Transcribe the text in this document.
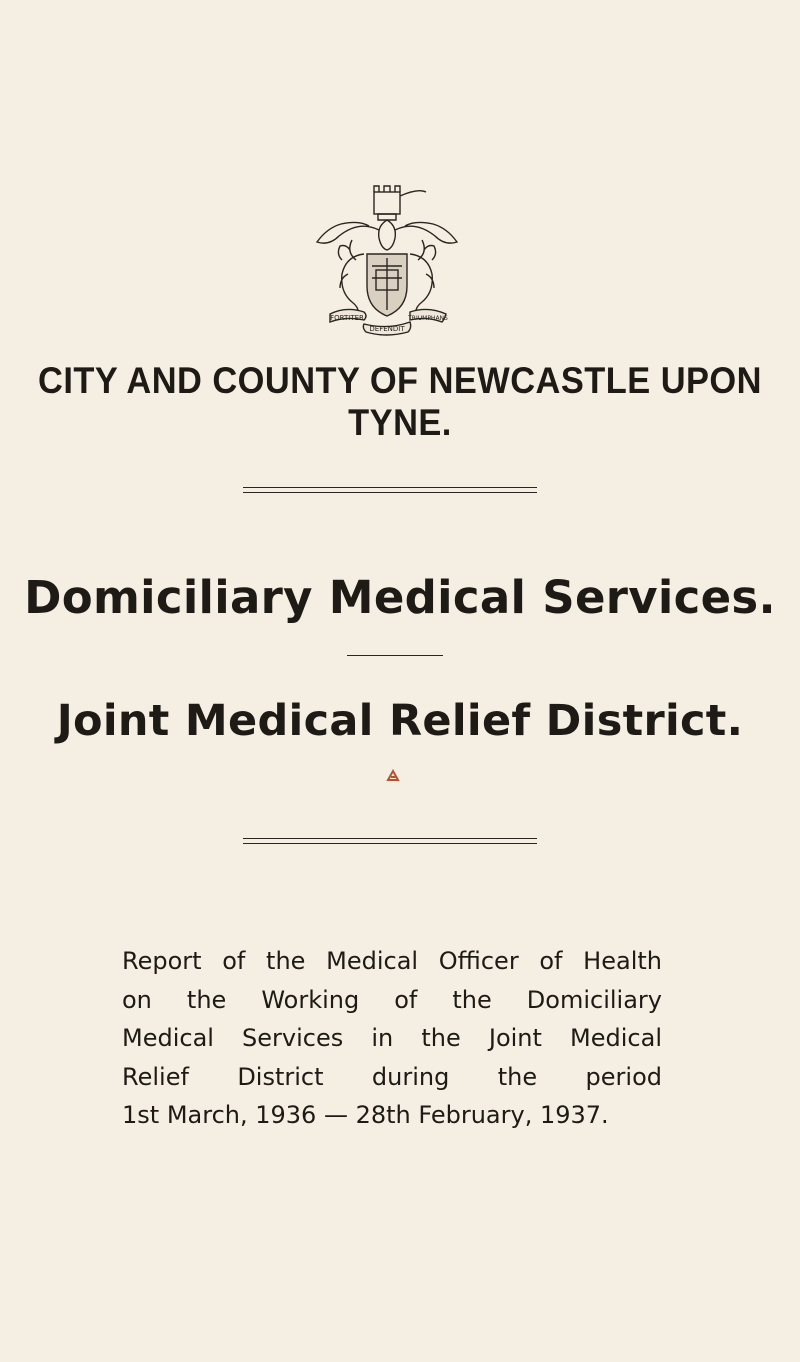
FORTITER	TRIUMPHANS
DEFENDIT
CITY AND COUNTY OF NEWCASTLE UPON TYNE.
Domiciliary Medical Services.
Joint Medical Relief District.
Report of the Medical Officer of Health
on the Working of the Domiciliary
Medical Services in the Joint Medical
Relief District during the period
1st March, 1936 — 28th February, 1937.
